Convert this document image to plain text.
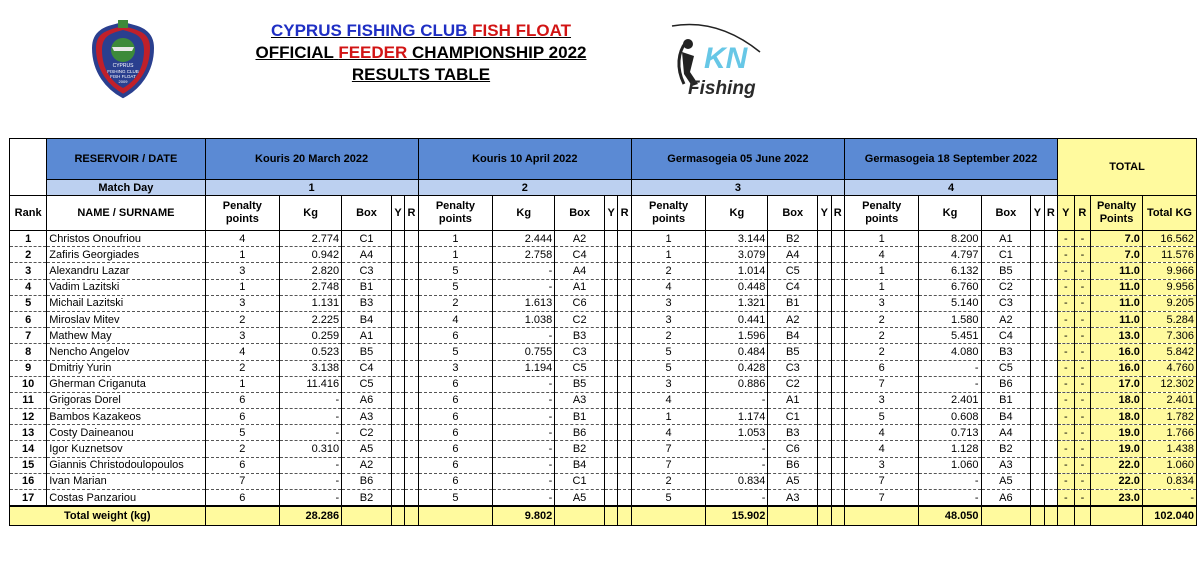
CYPRUS
FISHING CLUB
FISH FLOAT
2009
CYPRUS FISHING CLUB FISH FLOAT
OFFICIAL FEEDER CHAMPIONSHIP 2022
RESULTS TABLE	KN
Fishing
	RESERVOIR / DATE	Kouris 20 March 2022					Kouris 10 April 2022					Germasogeia 05 June 2022					Germasogeia 18 September 2022					TOTAL			
	Match Day	1					2					3					4								
Rank	NAME / SURNAME	Penalty points	Kg	Box	Y	R	Penalty points	Kg	Box	Y	R	Penalty points	Kg	Box	Y	R	Penalty points	Kg	Box	Y	R	Y	R	Penalty Points	Total KG
1	Christos Onoufriou	4	2.774	C1			1	2.444	A2			1	3.144	B2			1	8.200	A1			-	-	7.0	16.562
2	Zafiris Georgiades	1	0.942	A4			1	2.758	C4			1	3.079	A4			4	4.797	C1			-	-	7.0	11.576
3	Alexandru Lazar	3	2.820	C3			5	-	A4			2	1.014	C5			1	6.132	B5			-	-	11.0	9.966
4	Vadim Lazitski	1	2.748	B1			5	-	A1			4	0.448	C4			1	6.760	C2			-	-	11.0	9.956
5	Michail Lazitski	3	1.131	B3			2	1.613	C6			3	1.321	B1			3	5.140	C3			-	-	11.0	9.205
6	Miroslav Mitev	2	2.225	B4			4	1.038	C2			3	0.441	A2			2	1.580	A2			-	-	11.0	5.284
7	Mathew May	3	0.259	A1			6	-	B3			2	1.596	B4			2	5.451	C4			-	-	13.0	7.306
8	Nencho Angelov	4	0.523	B5			5	0.755	C3			5	0.484	B5			2	4.080	B3			-	-	16.0	5.842
9	Dmitriy Yurin	2	3.138	C4			3	1.194	C5			5	0.428	C3			6	-	C5			-	-	16.0	4.760
10	Gherman Criganuta	1	11.416	C5			6	-	B5			3	0.886	C2			7	-	B6			-	-	17.0	12.302
11	Grigoras Dorel	6	-	A6			6	-	A3			4	-	A1			3	2.401	B1			-	-	18.0	2.401
12	Bambos Kazakeos	6	-	A3			6	-	B1			1	1.174	C1			5	0.608	B4			-	-	18.0	1.782
13	Costy Daineanou	5	-	C2			6	-	B6			4	1.053	B3			4	0.713	A4			-	-	19.0	1.766
14	Igor Kuznetsov	2	0.310	A5			6	-	B2			7	-	C6			4	1.128	B2			-	-	19.0	1.438
15	Giannis Christodoulopoulos	6	-	A2			6	-	B4			7	-	B6			3	1.060	A3			-	-	22.0	1.060
16	Ivan Marian	7	-	B6			6	-	C1			2	0.834	A5			7	-	A5			-	-	22.0	0.834
17	Costas Panzariou	6	-	B2			5	-	A5			5	-	A3			7	-	A6			-	-	23.0	-
Total weight (kg)			28.286					9.802					15.902					48.050							102.040
